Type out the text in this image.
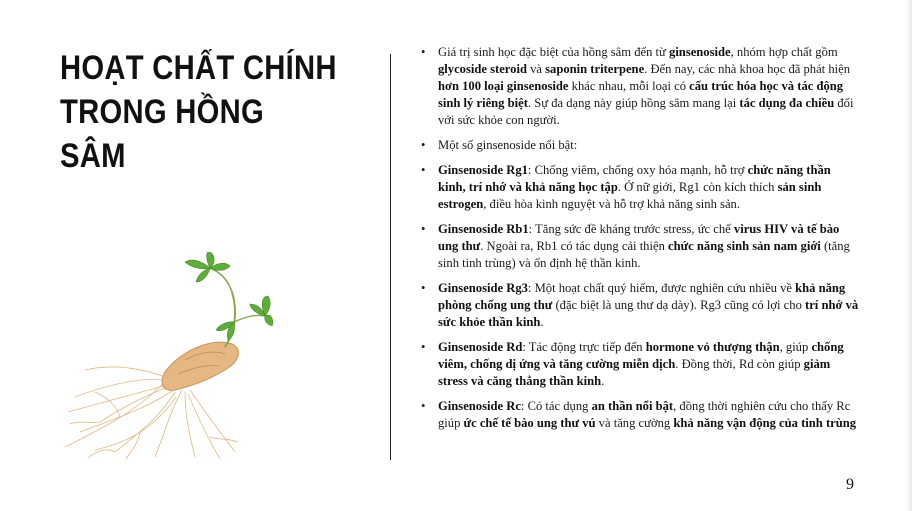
HOẠT CHẤT CHÍNH
TRONG HỒNG
SÂM
• Giá trị sinh học đặc biệt của hồng sâm đến từ ginsenoside, nhóm hợp chất gồm glycoside steroid và saponin triterpene. Đến nay, các nhà khoa học đã phát hiện hơn 100 loại ginsenoside khác nhau, mỗi loại có cấu trúc hóa học và tác động sinh lý riêng biệt. Sự đa dạng này giúp hồng sâm mang lại tác dụng đa chiều đối với sức khỏe con người.
• Một số ginsenoside nổi bật:
• Ginsenoside Rg1: Chống viêm, chống oxy hóa mạnh, hỗ trợ chức năng thần kinh, trí nhớ và khả năng học tập. Ở nữ giới, Rg1 còn kích thích sản sinh estrogen, điều hòa kinh nguyệt và hỗ trợ khả năng sinh sản.
• Ginsenoside Rb1: Tăng sức đề kháng trước stress, ức chế virus HIV và tế bào ung thư. Ngoài ra, Rb1 có tác dụng cải thiện chức năng sinh sản nam giới (tăng sinh tinh trùng) và ổn định hệ thần kinh.
• Ginsenoside Rg3: Một hoạt chất quý hiếm, được nghiên cứu nhiều về khả năng phòng chống ung thư (đặc biệt là ung thư dạ dày). Rg3 cũng có lợi cho trí nhớ và sức khỏe thần kinh.
• Ginsenoside Rd: Tác động trực tiếp đến hormone vỏ thượng thận, giúp chống viêm, chống dị ứng và tăng cường miễn dịch. Đồng thời, Rd còn giúp giảm stress và căng thẳng thần kinh.
• Ginsenoside Rc: Có tác dụng an thần nổi bật, đồng thời nghiên cứu cho thấy Rc giúp ức chế tế bào ung thư vú và tăng cường khả năng vận động của tinh trùng
9
